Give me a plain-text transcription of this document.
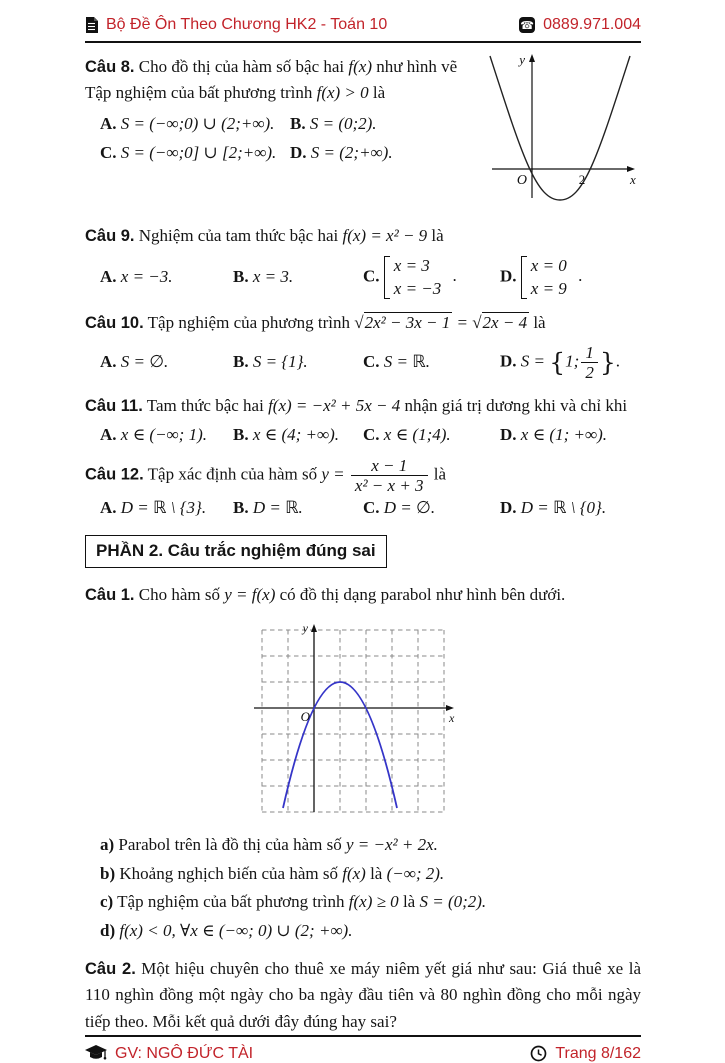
Bộ Đề Ôn Theo Chương HK2 - Toán 10	☎ 0889.971.004

Câu 8. Cho đồ thị của hàm số bậc hai f(x) như hình vẽ

Tập nghiệm của bất phương trình f(x) > 0 là

A. S = (−∞;0) ∪ (2;+∞). B. S = (0;2).
C. S = (−∞;0] ∪ [2;+∞). D. S = (2;+∞).
y
x
O	2

Câu 9. Nghiệm của tam thức bậc hai f(x) = x² − 9 là

A. x = −3.	B. x = 3.	C.
x = 3
x = −3
.	D.
x = 0
x = 9
.

Câu 10. Tập nghiệm của phương trình √2x² − 3x − 1 = √2x − 4 là

A. S = ∅.	B. S = {1}.	C. S = ℝ.	D. S = {1; $\frac{1}{2}$ }.

Câu 11. Tam thức bậc hai f(x) = −x² + 5x − 4 nhận giá trị dương khi và chỉ khi

A. x ∈ (−∞; 1).	B. x ∈ (4; +∞).	C. x ∈ (1;4).	D. x ∈ (1; +∞).

Câu 12. Tập xác định của hàm số $y = \frac{x - 1}{\text{x² − x + 3}}$ là

A. D = ℝ \ {3}.	B. D = ℝ.	C. D = ∅.	D. D = ℝ \ {0}.
PHẦN 2. Câu trắc nghiệm đúng sai

Câu 1. Cho hàm số y = f(x) có đồ thị dạng parabol như hình bên dưới.

y
x
O

a) Parabol trên là đồ thị của hàm số y = −x² + 2x.

b) Khoảng nghịch biến của hàm số f(x) là (−∞; 2).

c) Tập nghiệm của bất phương trình f(x) ≥ 0 là S = (0;2).

d) f(x) < 0, ∀x ∈ (−∞; 0) ∪ (2; +∞).

Câu 2. Một hiệu chuyên cho thuê xe máy niêm yết giá như sau: Giá thuê xe là 110 nghìn đồng một ngày cho ba ngày đầu tiên và 80 nghìn đồng cho mỗi ngày tiếp theo. Mỗi kết quả dưới đây đúng hay sai?

GV: NGÔ ĐỨC TÀI	Trang 8/162
